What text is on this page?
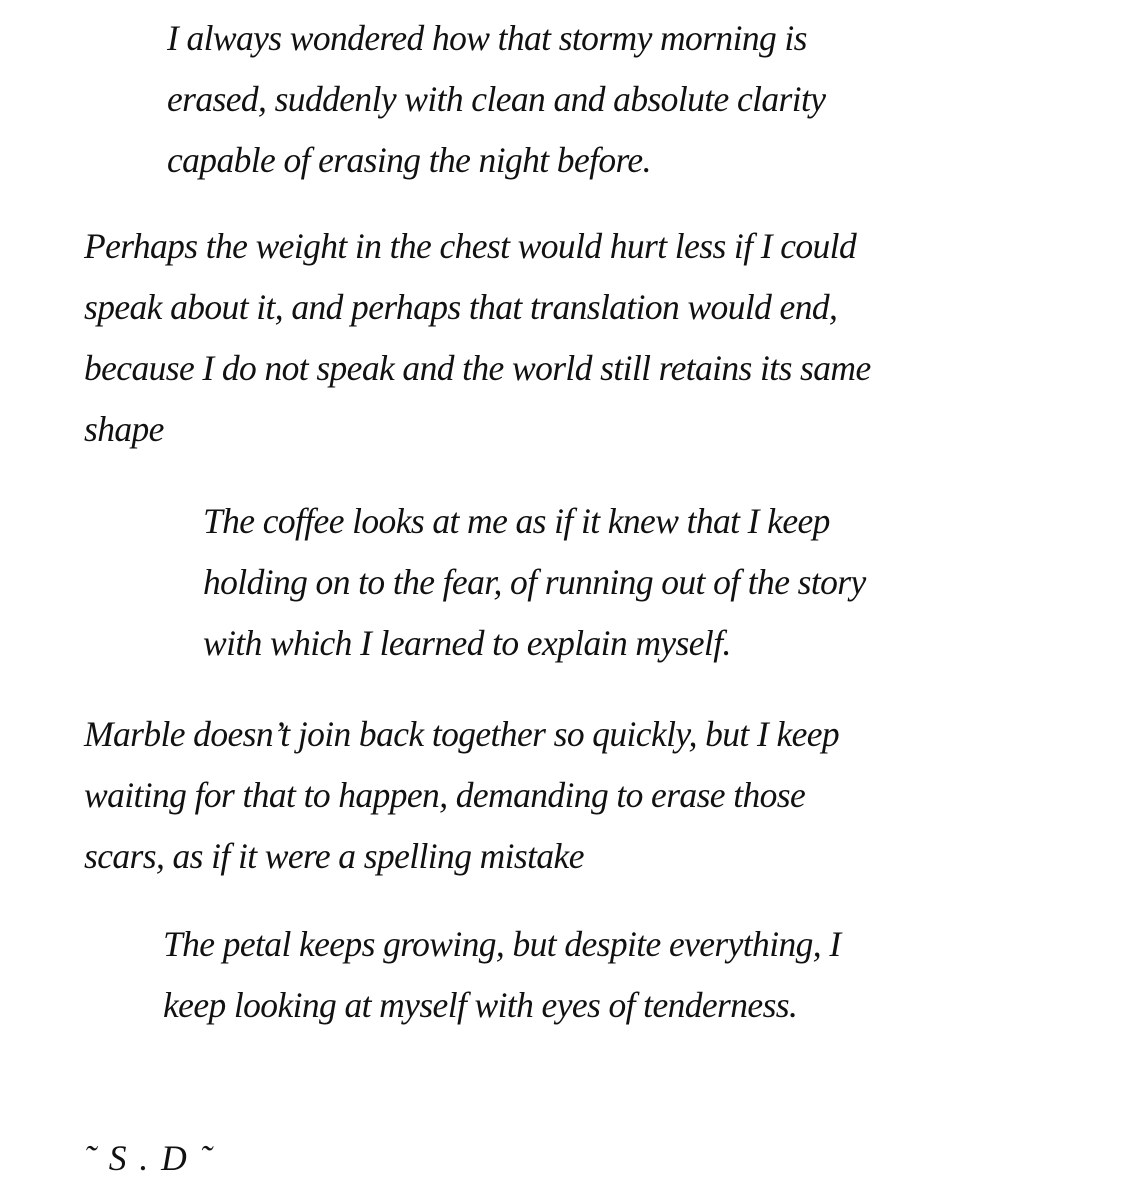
I always wondered how that stormy morning is
erased, suddenly with clean and absolute clarity
capable of erasing the night before.

Perhaps the weight in the chest would hurt less if I could
speak about it, and perhaps that translation would end,
because I do not speak and the world still retains its same
shape

The coffee looks at me as if it knew that I keep
holding on to the fear, of running out of the story
with which I learned to explain myself.

Marble doesn’t join back together so quickly, but I keep
waiting for that to happen, demanding to erase those
scars, as if it were a spelling mistake

The petal keeps growing, but despite everything, I
keep looking at myself with eyes of tenderness.

˜ S . D ˜
